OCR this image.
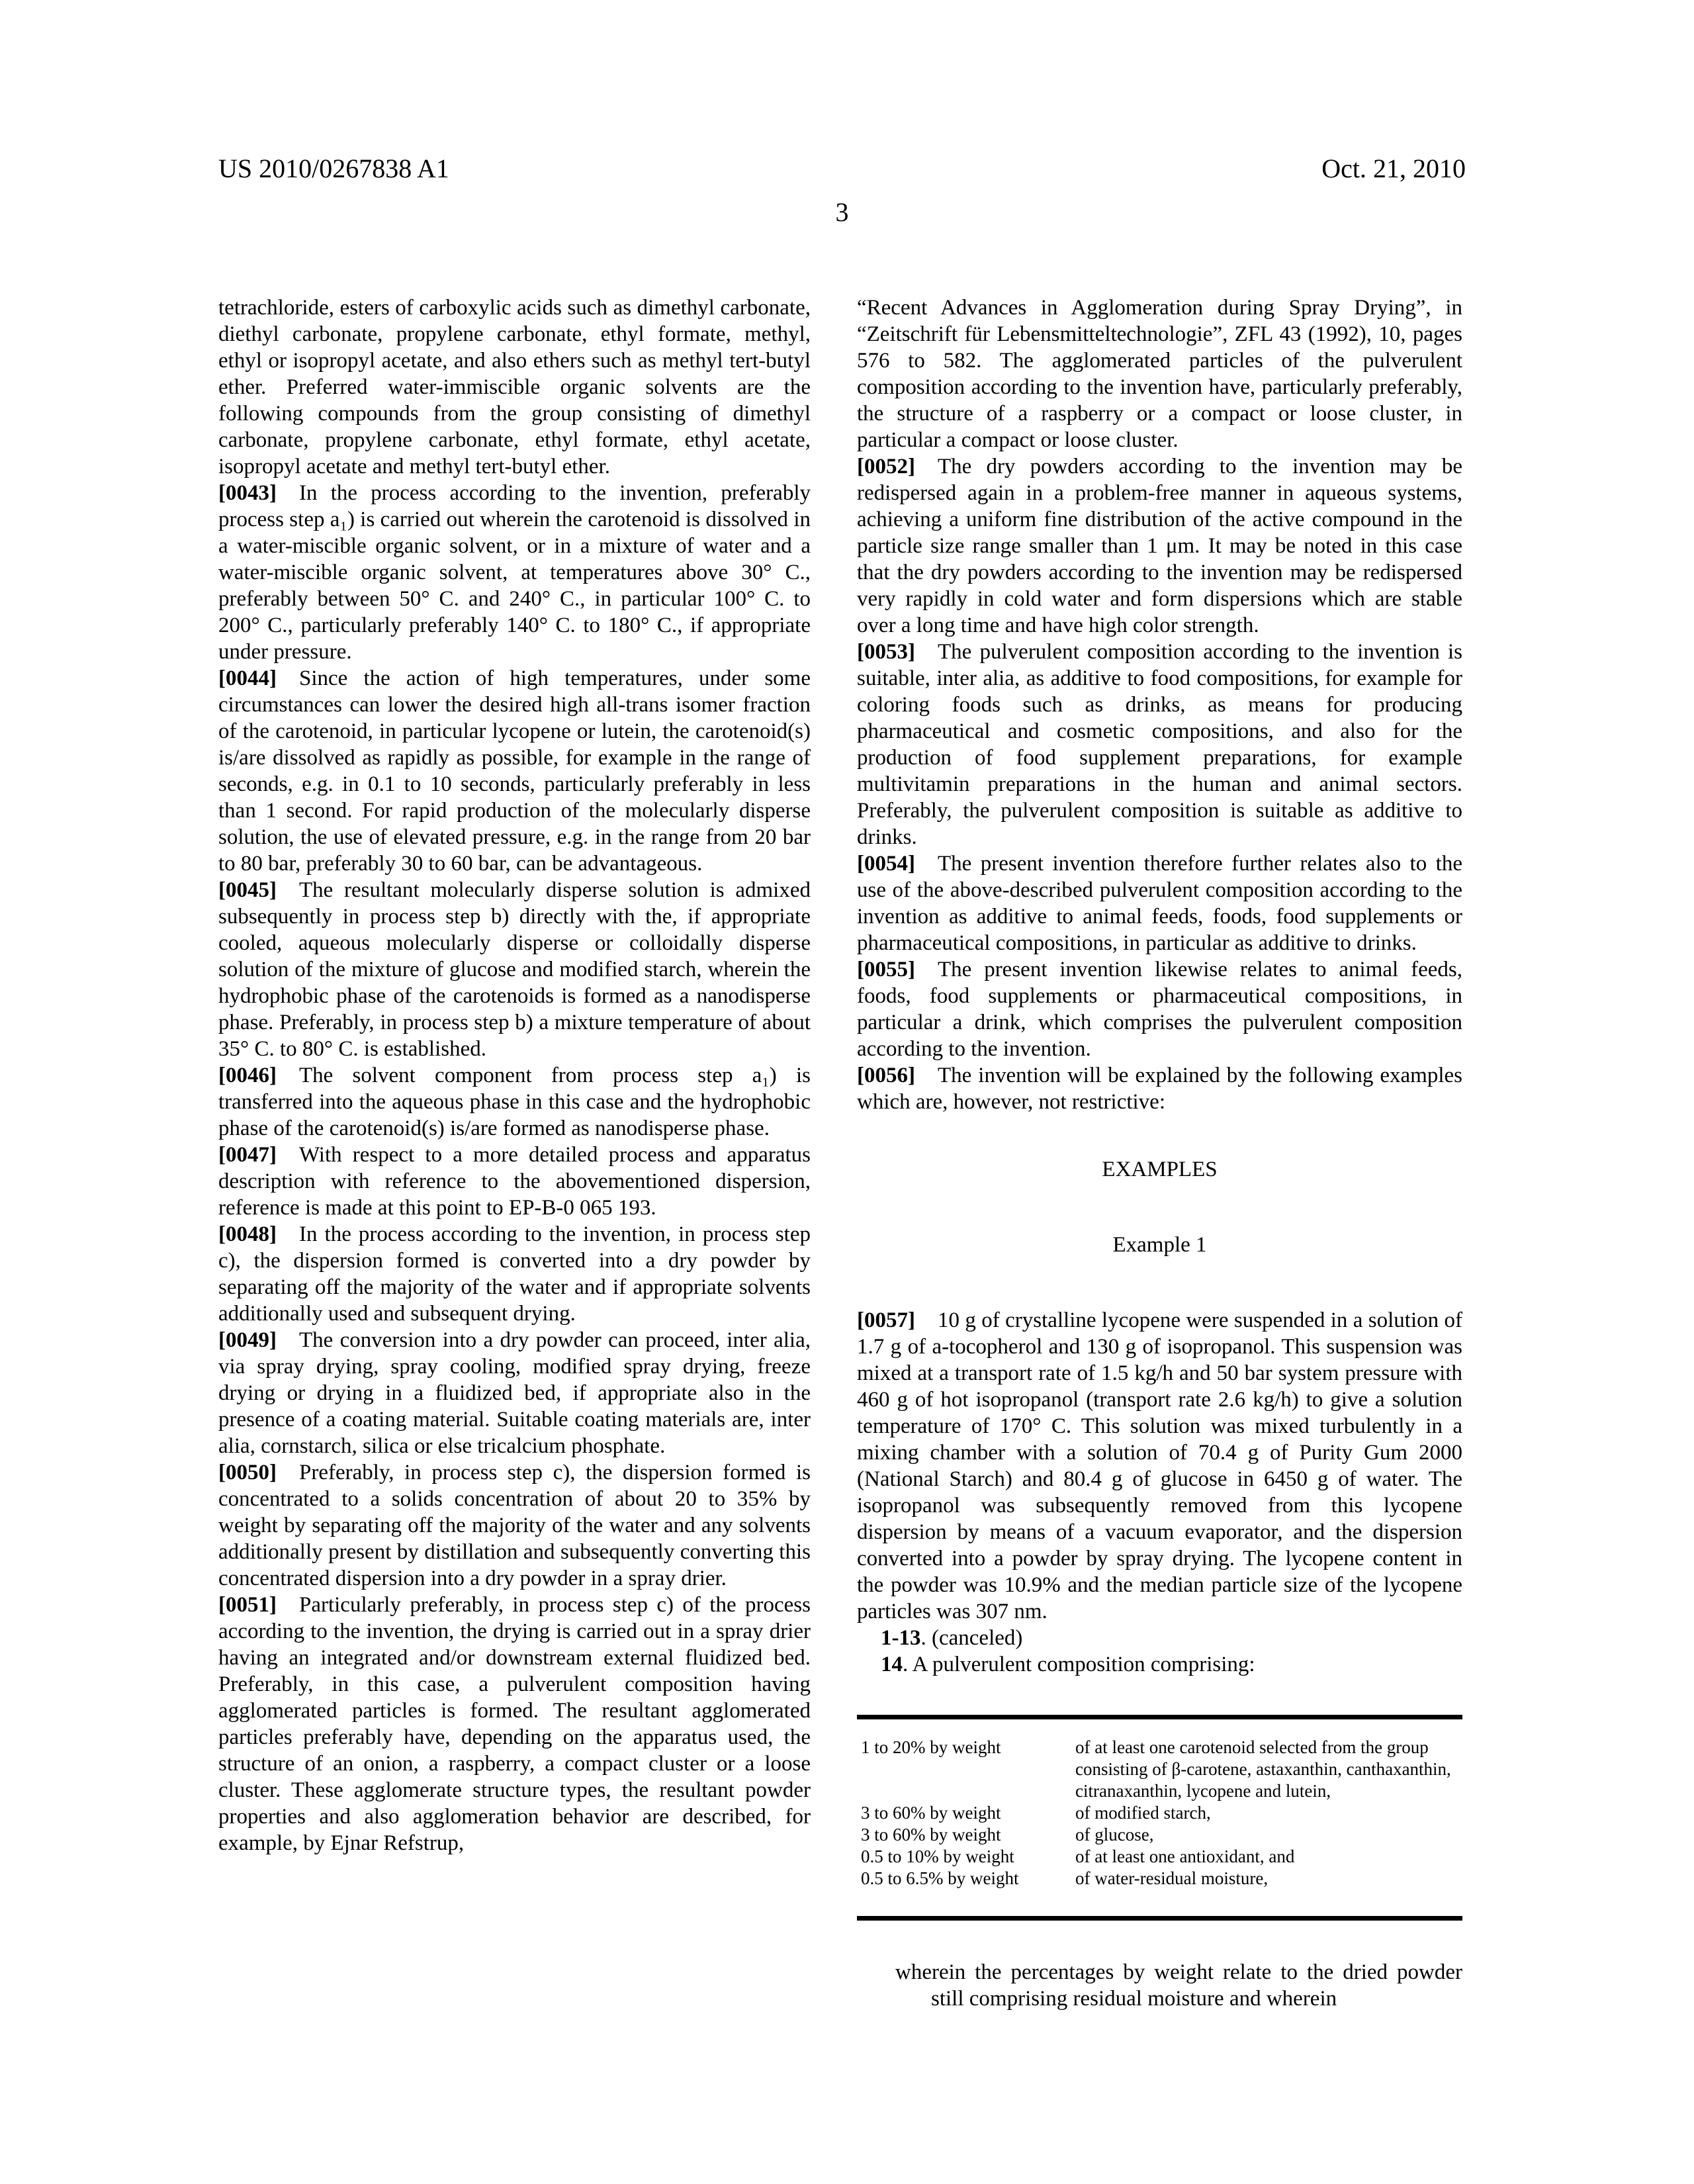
US 2010/0267838 A1	Oct. 21, 2010
3

tetrachloride, esters of carboxylic acids such as dimethyl carbonate, diethyl carbonate, propylene carbonate, ethyl formate, methyl, ethyl or isopropyl acetate, and also ethers such as methyl tert-butyl ether. Preferred water-immiscible organic solvents are the following compounds from the group consisting of dimethyl carbonate, propylene carbonate, ethyl formate, ethyl acetate, isopropyl acetate and methyl tert-butyl ether.

[0043] In the process according to the invention, preferably process step a₁) is carried out wherein the carotenoid is dissolved in a water-miscible organic solvent, or in a mixture of water and a water-miscible organic solvent, at temperatures above 30° C., preferably between 50° C. and 240° C., in particular 100° C. to 200° C., particularly preferably 140° C. to 180° C., if appropriate under pressure.

[0044] Since the action of high temperatures, under some circumstances can lower the desired high all-trans isomer fraction of the carotenoid, in particular lycopene or lutein, the carotenoid(s) is/are dissolved as rapidly as possible, for example in the range of seconds, e.g. in 0.1 to 10 seconds, particularly preferably in less than 1 second. For rapid production of the molecularly disperse solution, the use of elevated pressure, e.g. in the range from 20 bar to 80 bar, preferably 30 to 60 bar, can be advantageous.

[0045] The resultant molecularly disperse solution is admixed subsequently in process step b) directly with the, if appropriate cooled, aqueous molecularly disperse or colloidally disperse solution of the mixture of glucose and modified starch, wherein the hydrophobic phase of the carotenoids is formed as a nanodisperse phase. Preferably, in process step b) a mixture temperature of about 35° C. to 80° C. is established.

[0046] The solvent component from process step a₁) is transferred into the aqueous phase in this case and the hydrophobic phase of the carotenoid(s) is/are formed as nanodisperse phase.

[0047] With respect to a more detailed process and apparatus description with reference to the abovementioned dispersion, reference is made at this point to EP-B-0 065 193.

[0048] In the process according to the invention, in process step c), the dispersion formed is converted into a dry powder by separating off the majority of the water and if appropriate solvents additionally used and subsequent drying.

[0049] The conversion into a dry powder can proceed, inter alia, via spray drying, spray cooling, modified spray drying, freeze drying or drying in a fluidized bed, if appropriate also in the presence of a coating material. Suitable coating materials are, inter alia, cornstarch, silica or else tricalcium phosphate.

[0050] Preferably, in process step c), the dispersion formed is concentrated to a solids concentration of about 20 to 35% by weight by separating off the majority of the water and any solvents additionally present by distillation and subsequently converting this concentrated dispersion into a dry powder in a spray drier.

[0051] Particularly preferably, in process step c) of the process according to the invention, the drying is carried out in a spray drier having an integrated and/or downstream external fluidized bed. Preferably, in this case, a pulverulent composition having agglomerated particles is formed. The resultant agglomerated particles preferably have, depending on the apparatus used, the structure of an onion, a raspberry, a compact cluster or a loose cluster. These agglomerate structure types, the resultant powder properties and also agglomeration behavior are described, for example, by Ejnar Refstrup,

“Recent Advances in Agglomeration during Spray Drying”, in “Zeitschrift für Lebensmitteltechnologie”, ZFL 43 (1992), 10, pages 576 to 582. The agglomerated particles of the pulverulent composition according to the invention have, particularly preferably, the structure of a raspberry or a compact or loose cluster, in particular a compact or loose cluster.

[0052] The dry powders according to the invention may be redispersed again in a problem-free manner in aqueous systems, achieving a uniform fine distribution of the active compound in the particle size range smaller than 1 μm. It may be noted in this case that the dry powders according to the invention may be redispersed very rapidly in cold water and form dispersions which are stable over a long time and have high color strength.

[0053] The pulverulent composition according to the invention is suitable, inter alia, as additive to food compositions, for example for coloring foods such as drinks, as means for producing pharmaceutical and cosmetic compositions, and also for the production of food supplement preparations, for example multivitamin preparations in the human and animal sectors. Preferably, the pulverulent composition is suitable as additive to drinks.

[0054] The present invention therefore further relates also to the use of the above-described pulverulent composition according to the invention as additive to animal feeds, foods, food supplements or pharmaceutical compositions, in particular as additive to drinks.

[0055] The present invention likewise relates to animal feeds, foods, food supplements or pharmaceutical compositions, in particular a drink, which comprises the pulverulent composition according to the invention.

[0056] The invention will be explained by the following examples which are, however, not restrictive:

EXAMPLES
Example 1

[0057] 10 g of crystalline lycopene were suspended in a solution of 1.7 g of a-tocopherol and 130 g of isopropanol. This suspension was mixed at a transport rate of 1.5 kg/h and 50 bar system pressure with 460 g of hot isopropanol (transport rate 2.6 kg/h) to give a solution temperature of 170° C. This solution was mixed turbulently in a mixing chamber with a solution of 70.4 g of Purity Gum 2000 (National Starch) and 80.4 g of glucose in 6450 g of water. The isopropanol was subsequently removed from this lycopene dispersion by means of a vacuum evaporator, and the dispersion converted into a powder by spray drying. The lycopene content in the powder was 10.9% and the median particle size of the lycopene particles was 307 nm.

1-13. (canceled)

14. A pulverulent composition comprising:

1 to 20% by weight	of at least one carotenoid selected from the group consisting of β-carotene, astaxanthin, canthaxanthin, citranaxanthin, lycopene and lutein,
3 to 60% by weight	of modified starch,
3 to 60% by weight	of glucose,
0.5 to 10% by weight	of at least one antioxidant, and
0.5 to 6.5% by weight	of water-residual moisture,

wherein the percentages by weight relate to the dried powder still comprising residual moisture and wherein
